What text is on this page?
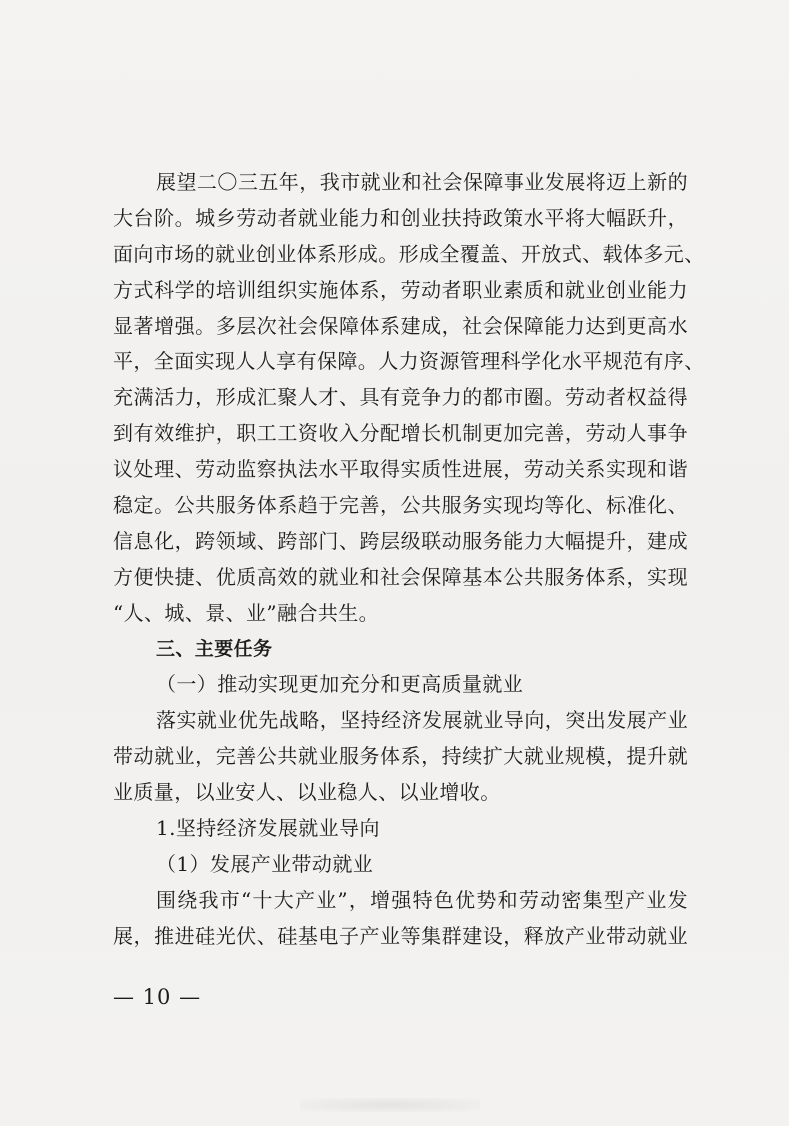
展望二〇三五年，我市就业和社会保障事业发展将迈上新的
大台阶。城乡劳动者就业能力和创业扶持政策水平将大幅跃升，
面向市场的就业创业体系形成。形成全覆盖、开放式、载体多元、
方式科学的培训组织实施体系，劳动者职业素质和就业创业能力
显著增强。多层次社会保障体系建成，社会保障能力达到更高水
平，全面实现人人享有保障。人力资源管理科学化水平规范有序、
充满活力，形成汇聚人才、具有竞争力的都市圈。劳动者权益得
到有效维护，职工工资收入分配增长机制更加完善，劳动人事争
议处理、劳动监察执法水平取得实质性进展，劳动关系实现和谐
稳定。公共服务体系趋于完善，公共服务实现均等化、标准化、
信息化，跨领域、跨部门、跨层级联动服务能力大幅提升，建成
方便快捷、优质高效的就业和社会保障基本公共服务体系，实现
“人、城、景、业”融合共生。
三、主要任务
（一）推动实现更加充分和更高质量就业
落实就业优先战略，坚持经济发展就业导向，突出发展产业
带动就业，完善公共就业服务体系，持续扩大就业规模，提升就
业质量，以业安人、以业稳人、以业增收。
1.坚持经济发展就业导向
（1）发展产业带动就业
围绕我市“十大产业”，增强特色优势和劳动密集型产业发
展，推进硅光伏、硅基电子产业等集群建设，释放产业带动就业
— 10 —
